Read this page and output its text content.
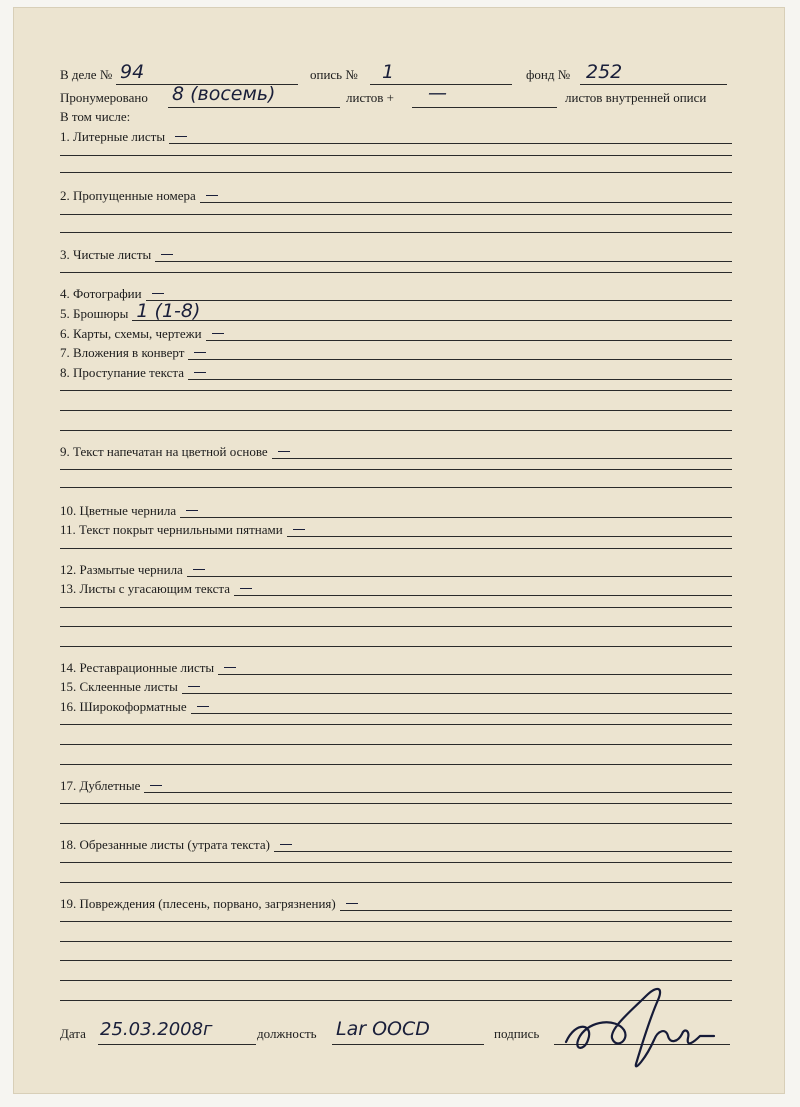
В деле № 94	опись № 1	фонд № 252
Пронумеровано 8 (восемь)	листов + —	листов внутренней описи
В том числе:
1. Литерные листы
2. Пропущенные номера
3. Чистые листы
4. Фотографии
5. Брошюры 1 (1-8)
6. Карты, схемы, чертежи
7. Вложения в конверт
8. Проступание текста
9. Текст напечатан на цветной основе
10. Цветные чернила
11. Текст покрыт чернильными пятнами
12. Размытые чернила
13. Листы с угасающим текста
14. Реставрационные листы
15. Склеенные листы
16. Широкоформатные
17. Дублетные
18. Обрезанные листы (утрата текста)
19. Повреждения (плесень, порвано, загрязнения)
Дата 25.03.2008г	должность Lar OOCD	подпись
